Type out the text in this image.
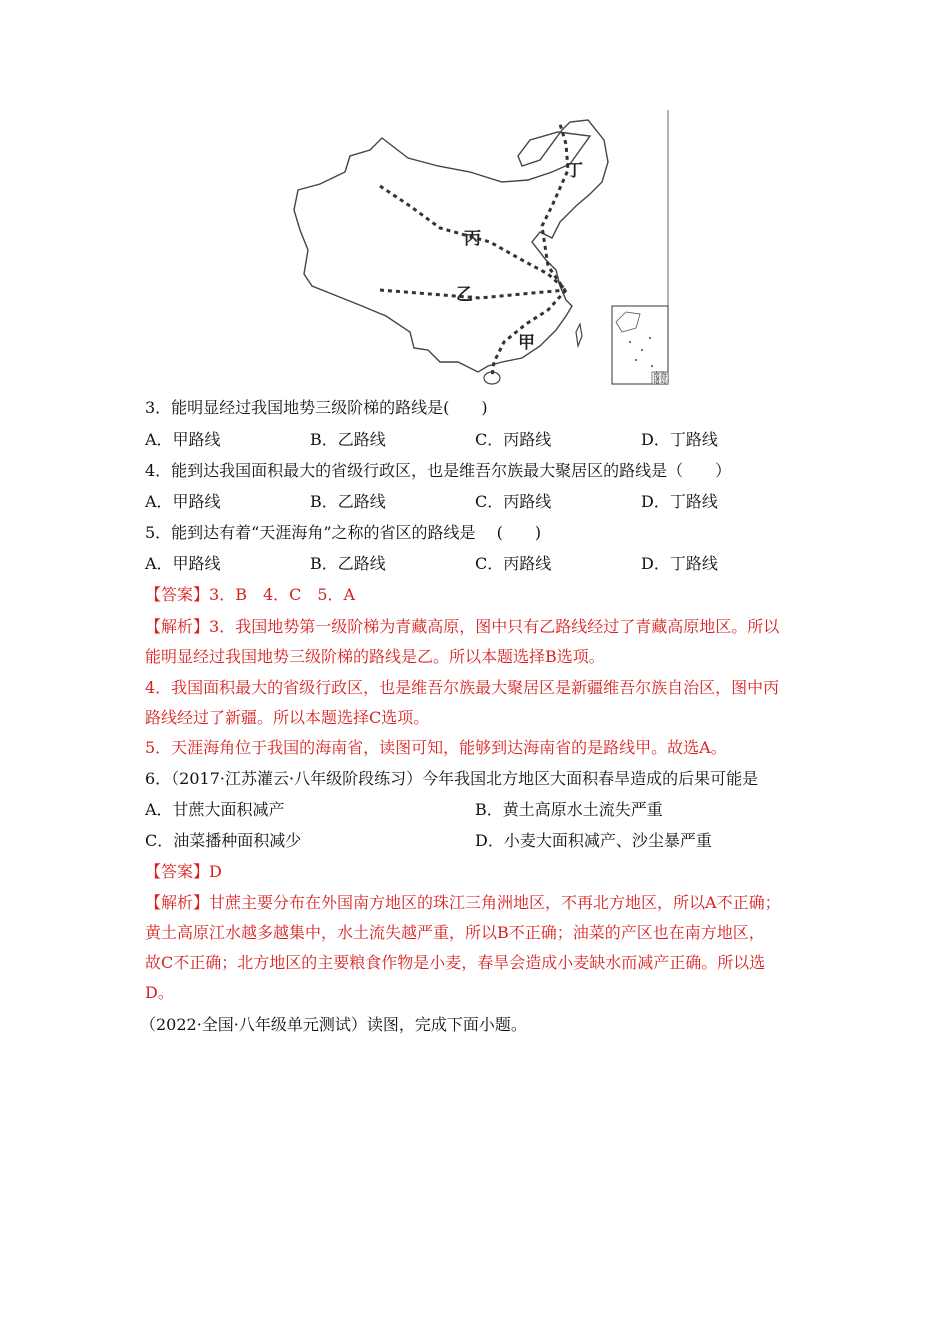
丁
丙
乙
甲
南海
诸岛
3．能明显经过我国地势三级阶梯的路线是(　　)
A．甲路线	B．乙路线	C．丙路线	D．丁路线
4．能到达我国面积最大的省级行政区，也是维吾尔族最大聚居区的路线是（　　）
A．甲路线	B．乙路线	C．丙路线	D．丁路线
5．能到达有着“天涯海角”之称的省区的路线是　 (　　)
A．甲路线	B．乙路线	C．丙路线	D．丁路线
【答案】3．B　4．C　5．A
【解析】3．我国地势第一级阶梯为青藏高原，图中只有乙路线经过了青藏高原地区。所以
能明显经过我国地势三级阶梯的路线是乙。所以本题选择B选项。
4．我国面积最大的省级行政区，也是维吾尔族最大聚居区是新疆维吾尔族自治区，图中丙
路线经过了新疆。所以本题选择C选项。
5．天涯海角位于我国的海南省，读图可知，能够到达海南省的是路线甲。故选A。
6．（2017·江苏灌云·八年级阶段练习）今年我国北方地区大面积春旱造成的后果可能是
A．甘蔗大面积减产	B．黄土高原水土流失严重
C．油菜播种面积减少	D．小麦大面积减产、沙尘暴严重
【答案】D
【解析】甘蔗主要分布在外国南方地区的珠江三角洲地区，不再北方地区，所以A不正确；
黄土高原江水越多越集中，水土流失越严重，所以B不正确；油菜的产区也在南方地区，
故C不正确；北方地区的主要粮食作物是小麦，春旱会造成小麦缺水而减产正确。所以选
D。
（2022·全国·八年级单元测试）读图，完成下面小题。
